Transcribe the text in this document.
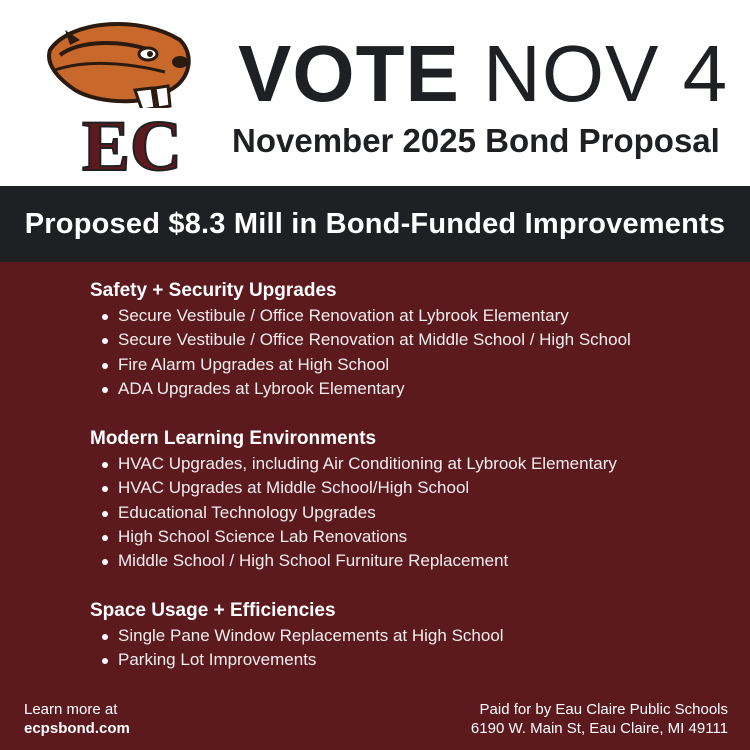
EC
VOTE NOV 4
November 2025 Bond Proposal
Proposed $8.3 Mill in Bond-Funded Improvements
Safety + Security Upgrades
Secure Vestibule / Office Renovation at Lybrook Elementary
Secure Vestibule / Office Renovation at Middle School / High School
Fire Alarm Upgrades at High School
ADA Upgrades at Lybrook Elementary
Modern Learning Environments
HVAC Upgrades, including Air Conditioning at Lybrook Elementary
HVAC Upgrades at Middle School/High School
Educational Technology Upgrades
High School Science Lab Renovations
Middle School / High School Furniture Replacement
Space Usage + Efficiencies
Single Pane Window Replacements at High School
Parking Lot Improvements
Learn more at
ecpsbond.com
Paid for by Eau Claire Public Schools
6190 W. Main St, Eau Claire, MI 49111
